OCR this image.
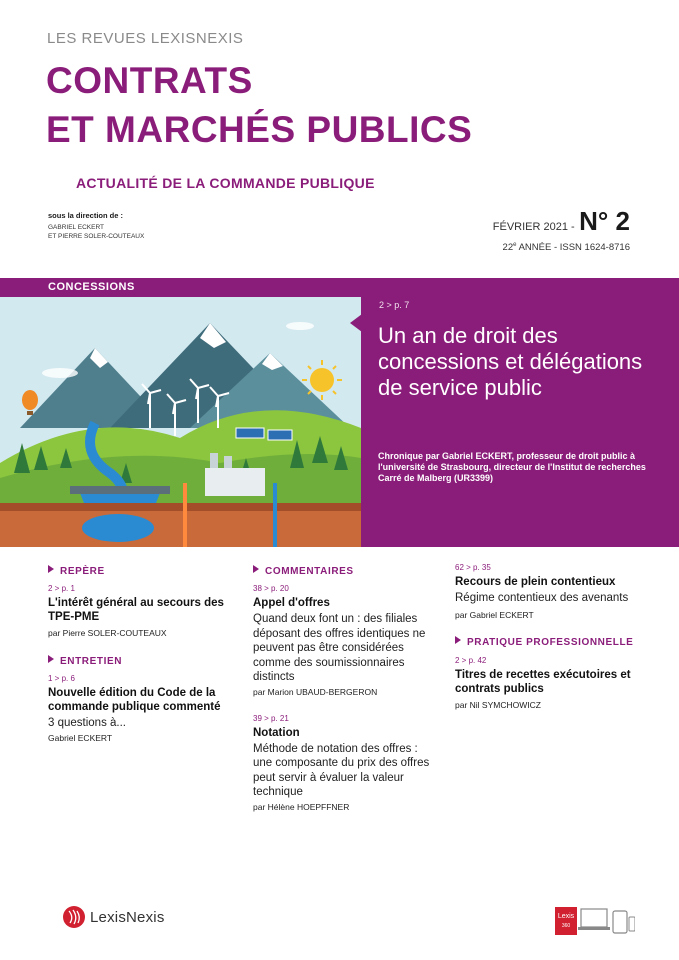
LES REVUES LEXISNEXIS
CONTRATS
ET MARCHÉS PUBLICS
ACTUALITÉ DE LA COMMANDE PUBLIQUE
sous la direction de :
GABRIEL ECKERT
ET PIERRE SOLER-COUTEAUX
FÉVRIER 2021 - N° 2
22e ANNÉE - ISSN 1624-8716
CONCESSIONS
2 > p. 7
Un an de droit des concessions et délégations de service public
Chronique par Gabriel ECKERT, professeur de droit public à l'université de Strasbourg, directeur de l'Institut de recherches Carré de Malberg (UR3399)
REPÈRE
2 > p. 1
L'intérêt général au secours des TPE-PME
par Pierre SOLER-COUTEAUX
ENTRETIEN
1 > p. 6
Nouvelle édition du Code de la commande publique commenté
3 questions à...
Gabriel ECKERT
COMMENTAIRES
38 > p. 20
Appel d'offres
Quand deux font un : des filiales déposant des offres identiques ne peuvent pas être considérées comme des soumissionnaires distincts
par Marion UBAUD-BERGERON
39 > p. 21
Notation
Méthode de notation des offres : une composante du prix des offres peut servir à évaluer la valeur technique
par Hélène HOEPFFNER
62 > p. 35
Recours de plein contentieux
Régime contentieux des avenants
par Gabriel ECKERT
PRATIQUE PROFESSIONNELLE
2 > p. 42
Titres de recettes exécutoires et contrats publics
par Nil SYMCHOWICZ
LexisNexis	Lexis
360
